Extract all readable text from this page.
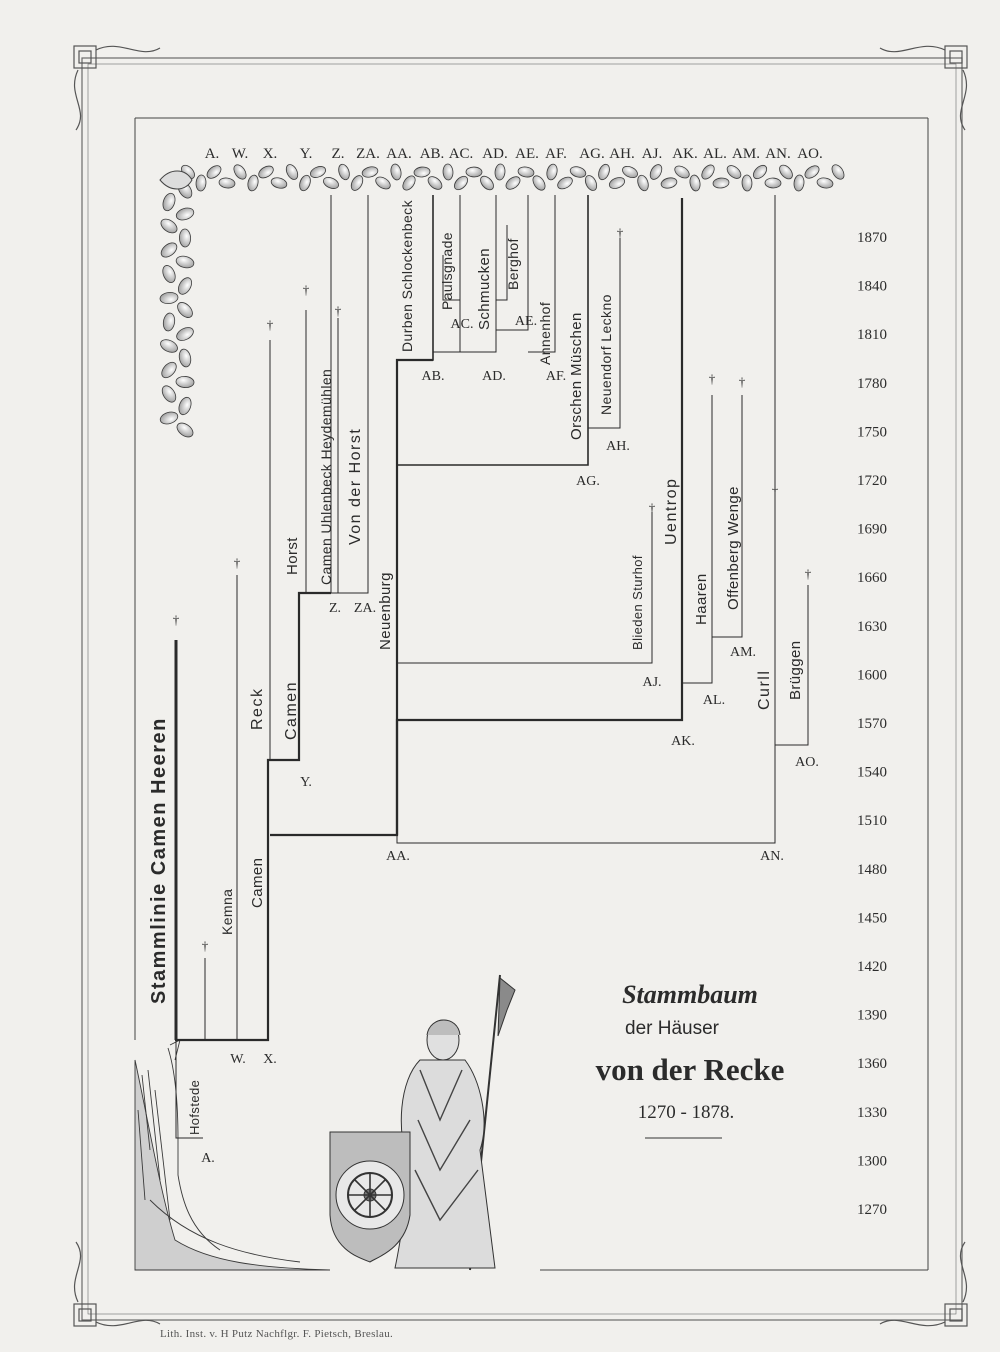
†
†
†
†
†
†
†
†
† †
†
†
A. W. X. Y. Z. ZA. AA. AB. AC. AD. AE. AF. AG. AH. AJ. AK. AL. AM. AN. AO.
1870
1840
1810
1780
1750
1720
1690
1660
1630
1600
1570
1540
1510
1480
1450
1420
1390
1360
1330
1300
1270
Stammlinie Camen Heeren
Hofstede
Kemna
Camen
Reck Camen
Horst Camen Uhlenbeck Heydemühlen Von der Horst
Neuenburg
Durben Schlockenbeck Paulsgnade Schmucken Berghof
Annenhof Orschen Müschen Neuendorf Leckno
Blieden Sturhof
Uentrop
Haaren Offenberg Wenge
Curll Brüggen
A.
W. X.
Y.
Z. ZA.
AA.
AB.
AC.
AD.
AE.
AF.
AG.
AH.
AJ.
AK.
AL.
AM.
AN.
AO.
Stammbaum
der Häuser
von der Recke
1270 - 1878.
Lith. Inst. v. H Putz Nachflgr. F. Pietsch, Breslau.
